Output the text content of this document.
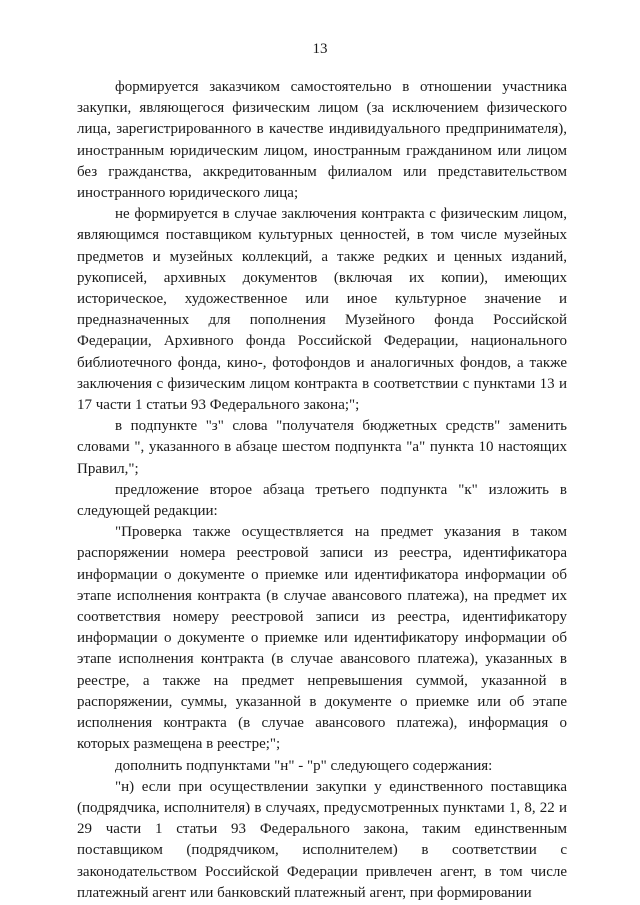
13

формируется заказчиком самостоятельно в отношении участника закупки, являющегося физическим лицом (за исключением физического лица, зарегистрированного в качестве индивидуального предпринимателя), иностранным юридическим лицом, иностранным гражданином или лицом без гражданства, аккредитованным филиалом или представительством иностранного юридического лица;

не формируется в случае заключения контракта с физическим лицом, являющимся поставщиком культурных ценностей, в том числе музейных предметов и музейных коллекций, а также редких и ценных изданий, рукописей, архивных документов (включая их копии), имеющих историческое, художественное или иное культурное значение и предназначенных для пополнения Музейного фонда Российской Федерации, Архивного фонда Российской Федерации, национального библиотечного фонда, кино-, фотофондов и аналогичных фондов, а также заключения с физическим лицом контракта в соответствии с пунктами 13 и 17 части 1 статьи 93 Федерального закона;";

в подпункте "з" слова "получателя бюджетных средств" заменить словами ", указанного в абзаце шестом подпункта "а" пункта 10 настоящих Правил,";

предложение второе абзаца третьего подпункта "к" изложить в следующей редакции:

"Проверка также осуществляется на предмет указания в таком распоряжении номера реестровой записи из реестра, идентификатора информации о документе о приемке или идентификатора информации об этапе исполнения контракта (в случае авансового платежа), на предмет их соответствия номеру реестровой записи из реестра, идентификатору информации о документе о приемке или идентификатору информации об этапе исполнения контракта (в случае авансового платежа), указанных в реестре, а также на предмет непревышения суммой, указанной в распоряжении, суммы, указанной в документе о приемке или об этапе исполнения контракта (в случае авансового платежа), информация о которых размещена в реестре;";

дополнить подпунктами "н" - "р" следующего содержания:

"н) если при осуществлении закупки у единственного поставщика (подрядчика, исполнителя) в случаях, предусмотренных пунктами 1, 8, 22 и 29 части 1 статьи 93 Федерального закона, таким единственным поставщиком (подрядчиком, исполнителем) в соответствии с законодательством Российской Федерации привлечен агент, в том числе платежный агент или банковский платежный агент, при формировании
